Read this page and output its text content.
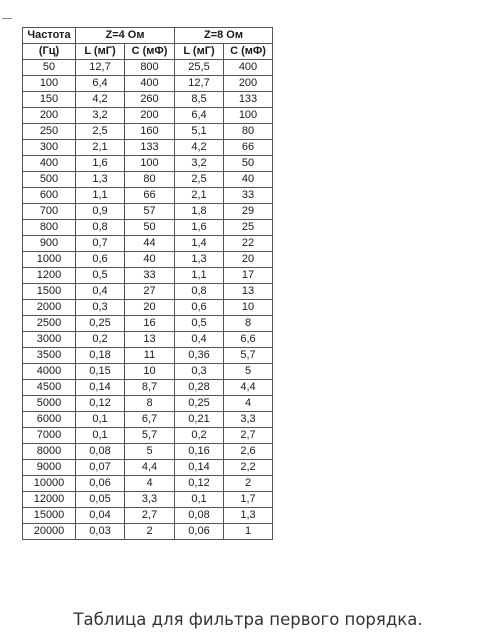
Частота	Z=4 Ом		Z=8 Ом	
(Гц)	L (мГ)	C (мФ)	L (мГ)	C (мФ)
50	12,7	800	25,5	400
100	6,4	400	12,7	200
150	4,2	260	8,5	133
200	3,2	200	6,4	100
250	2,5	160	5,1	80
300	2,1	133	4,2	66
400	1,6	100	3,2	50
500	1,3	80	2,5	40
600	1,1	66	2,1	33
700	0,9	57	1,8	29
800	0,8	50	1,6	25
900	0,7	44	1,4	22
1000	0,6	40	1,3	20
1200	0,5	33	1,1	17
1500	0,4	27	0,8	13
2000	0,3	20	0,6	10
2500	0,25	16	0,5	8
3000	0,2	13	0,4	6,6
3500	0,18	11	0,36	5,7
4000	0,15	10	0,3	5
4500	0,14	8,7	0,28	4,4
5000	0,12	8	0,25	4
6000	0,1	6,7	0,21	3,3
7000	0,1	5,7	0,2	2,7
8000	0,08	5	0,16	2,6
9000	0,07	4,4	0,14	2,2
10000	0,06	4	0,12	2
12000	0,05	3,3	0,1	1,7
15000	0,04	2,7	0,08	1,3
20000	0,03	2	0,06	1
Таблица для фильтра первого порядка.
